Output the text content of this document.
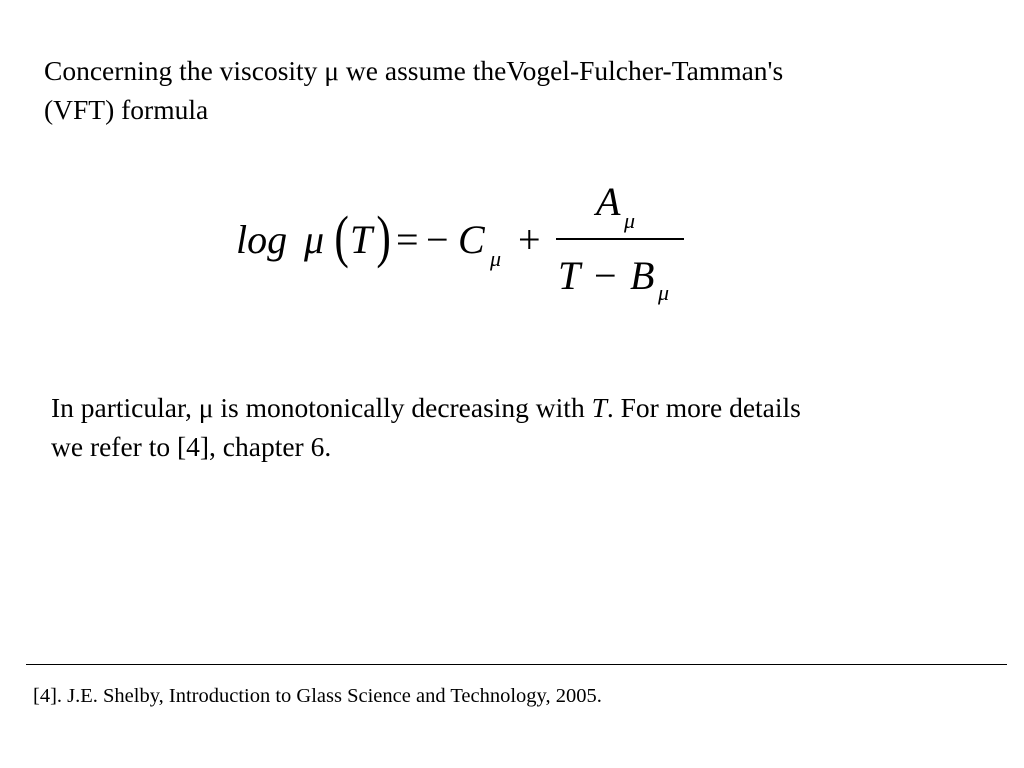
Concerning the viscosity μ we assume theVogel-Fulcher-Tamman's
(VFT) formula
log μ ( T ) = − C μ +
A μ
T − B μ
In particular, μ is monotonically decreasing with T. For more details
we refer to [4], chapter 6.
[4]. J.E. Shelby, Introduction to Glass Science and Technology, 2005.
